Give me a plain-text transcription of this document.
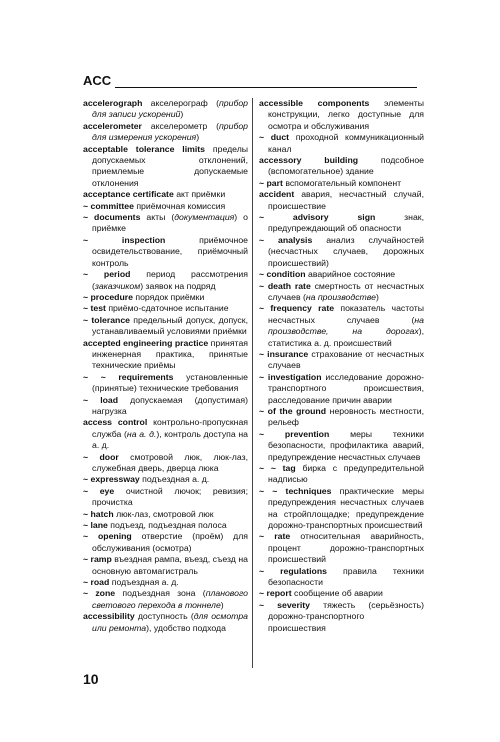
ACC
accelerograph акселерограф (прибор для записи ускорений)
accelerometer акселерометр (прибор для измерения ускорения)
acceptable tolerance limits пределы допускаемых отклонений, приемлемые допускаемые отклонения
acceptance certificate акт приёмки
~ committee приёмочная комиссия
~ documents акты (документация) о приёмке
~ inspection приёмочное освидетельствование, приёмочный контроль
~ period период рассмотрения (заказчиком) заявок на подряд
~ procedure порядок приёмки
~ test приёмо-сдаточное испытание
~ tolerance предельный допуск, допуск, устанавливаемый условиями приёмки
accepted engineering practice принятая инженерная практика, принятые технические приёмы
~ ~ requirements установленные (принятые) технические требования
~ load допускаемая (допустимая) нагрузка
access control контрольно-пропускная служба (на а. д.), контроль доступа на а. д.
~ door смотровой люк, люк-лаз, служебная дверь, дверца люка
~ expressway подъездная а. д.
~ eye очистной лючок; ревизия; прочистка
~ hatch люк-лаз, смотровой люк
~ lane подъезд, подъездная полоса
~ opening отверстие (проём) для обслуживания (осмотра)
~ ramp въездная рампа, въезд, съезд на основную автомагистраль
~ road подъездная а. д.
~ zone подъездная зона (планового светового перехода в тоннеле)
accessibility доступность (для осмотра или ремонта), удобство подхода
accessible components элементы конструкции, легко доступные для осмотра и обслуживания
~ duct проходной коммуникационный канал
accessory building подсобное (вспомогательное) здание
~ part вспомогательный компонент
accident авария, несчастный случай, происшествие
~ advisory sign знак, предупреждающий об опасности
~ analysis анализ случайностей (несчастных случаев, дорожных происшествий)
~ condition аварийное состояние
~ death rate смертность от несчастных случаев (на производстве)
~ frequency rate показатель частоты несчастных случаев (на производстве, на дорогах), статистика а. д. происшествий
~ insurance страхование от несчастных случаев
~ investigation исследование дорожно-транспортного происшествия, расследование причин аварии
~ of the ground неровность местности, рельеф
~ prevention меры техники безопасности, профилактика аварий, предупреждение несчастных случаев
~ ~ tag бирка с предупредительной надписью
~ ~ techniques практические меры предупреждения несчастных случаев на стройплощадке; предупреждение дорожно-транспортных происшествий
~ rate относительная аварийность, процент дорожно-транспортных происшествий
~ regulations правила техники безопасности
~ report сообщение об аварии
~ severity тяжесть (серьёзность) дорожно-транспортного происшествия
10
